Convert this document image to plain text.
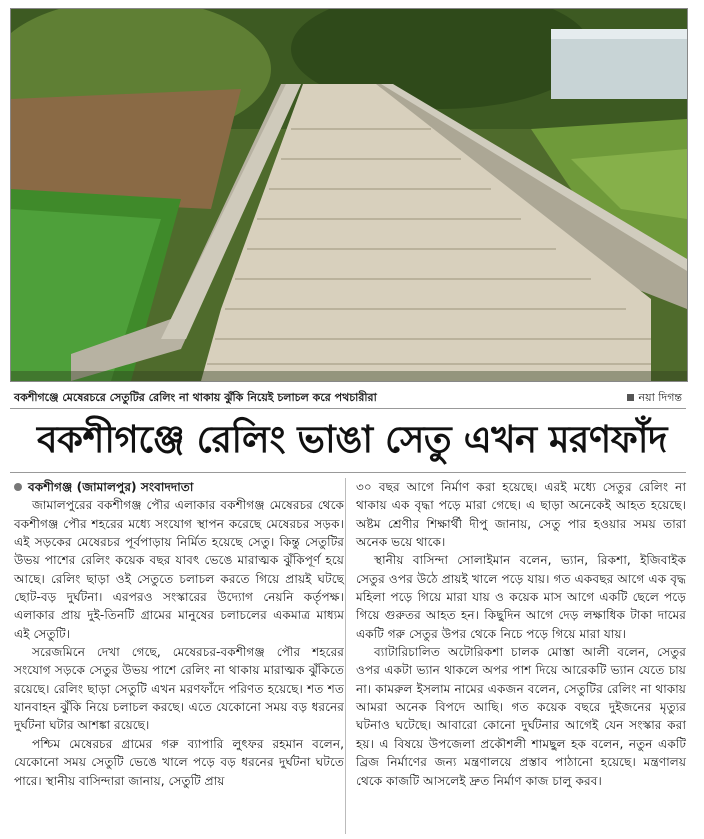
বকশীগঞ্জে মেষেরচরে সেতুটির রেলিং না থাকায় ঝুঁকি নিয়েই চলাচল করে পথচারীরা	নয়া দিগন্ত
বকশীগঞ্জে রেলিং ভাঙা সেতু এখন মরণফাঁদ

বকশীগঞ্জ (জামালপুর) সংবাদদাতা

জামালপুরের বকশীগঞ্জ পৌর এলাকার বকশীগঞ্জ মেষেরচর থেকে বকশীগঞ্জ পৌর শহরের মধ্যে সংযোগ স্থাপন করেছে মেষেরচর সড়ক। এই সড়কের মেষেরচর পূর্বপাড়ায় নির্মিত হয়েছে সেতু। কিন্তু সেতুটির উভয় পাশের রেলিং কয়েক বছর যাবৎ ভেঙে মারাত্মক ঝুঁকিপূর্ণ হয়ে আছে। রেলিং ছাড়া ওই সেতুতে চলাচল করতে গিয়ে প্রায়ই ঘটছে ছোট-বড় দুর্ঘটনা। এরপরও সংস্কারের উদ্যোগ নেয়নি কর্তৃপক্ষ। এলাকার প্রায় দুই-তিনটি গ্রামের মানুষের চলাচলের একমাত্র মাধ্যম এই সেতুটি।

সরেজমিনে দেখা গেছে, মেষেরচর-বকশীগঞ্জ পৌর শহরের সংযোগ সড়কে সেতুর উভয় পাশে রেলিং না থাকায় মারাত্মক ঝুঁকিতে রয়েছে। রেলিং ছাড়া সেতুটি এখন মরণফাঁদে পরিণত হয়েছে। শত শত যানবাহন ঝুঁকি নিয়ে চলাচল করছে। এতে যেকোনো সময় বড় ধরনের দুর্ঘটনা ঘটার আশঙ্কা রয়েছে।

পশ্চিম মেষেরচর গ্রামের গরু ব্যাপারি লুৎফর রহমান বলেন, যেকোনো সময় সেতুটি ভেঙে খালে পড়ে বড় ধরনের দুর্ঘটনা ঘটতে পারে। স্থানীয় বাসিন্দারা জানায়, সেতুটি প্রায়

৩০ বছর আগে নির্মাণ করা হয়েছে। এরই মধ্যে সেতুর রেলিং না থাকায় এক বৃদ্ধা পড়ে মারা গেছে। এ ছাড়া অনেকেই আহত হয়েছে। অষ্টম শ্রেণীর শিক্ষার্থী দীপু জানায়, সেতু পার হওয়ার সময় তারা অনেক ভয়ে থাকে।

স্থানীয় বাসিন্দা সোলাইমান বলেন, ভ্যান, রিকশা, ইজিবাইক সেতুর ওপর উঠে প্রায়ই খালে পড়ে যায়। গত একবছর আগে এক বৃদ্ধ মহিলা পড়ে গিয়ে মারা যায় ও কয়েক মাস আগে একটি ছেলে পড়ে গিয়ে গুরুতর আহত হন। কিছুদিন আগে দেড় লক্ষাধিক টাকা দামের একটি গরু সেতুর উপর থেকে নিচে পড়ে গিয়ে মারা যায়।

ব্যাটারিচালিত অটোরিকশা চালক মোস্তা আলী বলেন, সেতুর ওপর একটা ভ্যান থাকলে অপর পাশ দিয়ে আরেকটি ভ্যান যেতে চায় না। কামরুল ইসলাম নামের একজন বলেন, সেতুটির রেলিং না থাকায় আমরা অনেক বিপদে আছি। গত কয়েক বছরে দুইজনের মৃত্যুর ঘটনাও ঘটেছে। আবারো কোনো দুর্ঘটনার আগেই যেন সংস্কার করা হয়। এ বিষয়ে উপজেলা প্রকৌশলী শামছুল হক বলেন, নতুন একটি ব্রিজ নির্মাণের জন্য মন্ত্রণালয়ে প্রস্তাব পাঠানো হয়েছে। মন্ত্রণালয় থেকে কাজটি আসলেই দ্রুত নির্মাণ কাজ চালু করব।
